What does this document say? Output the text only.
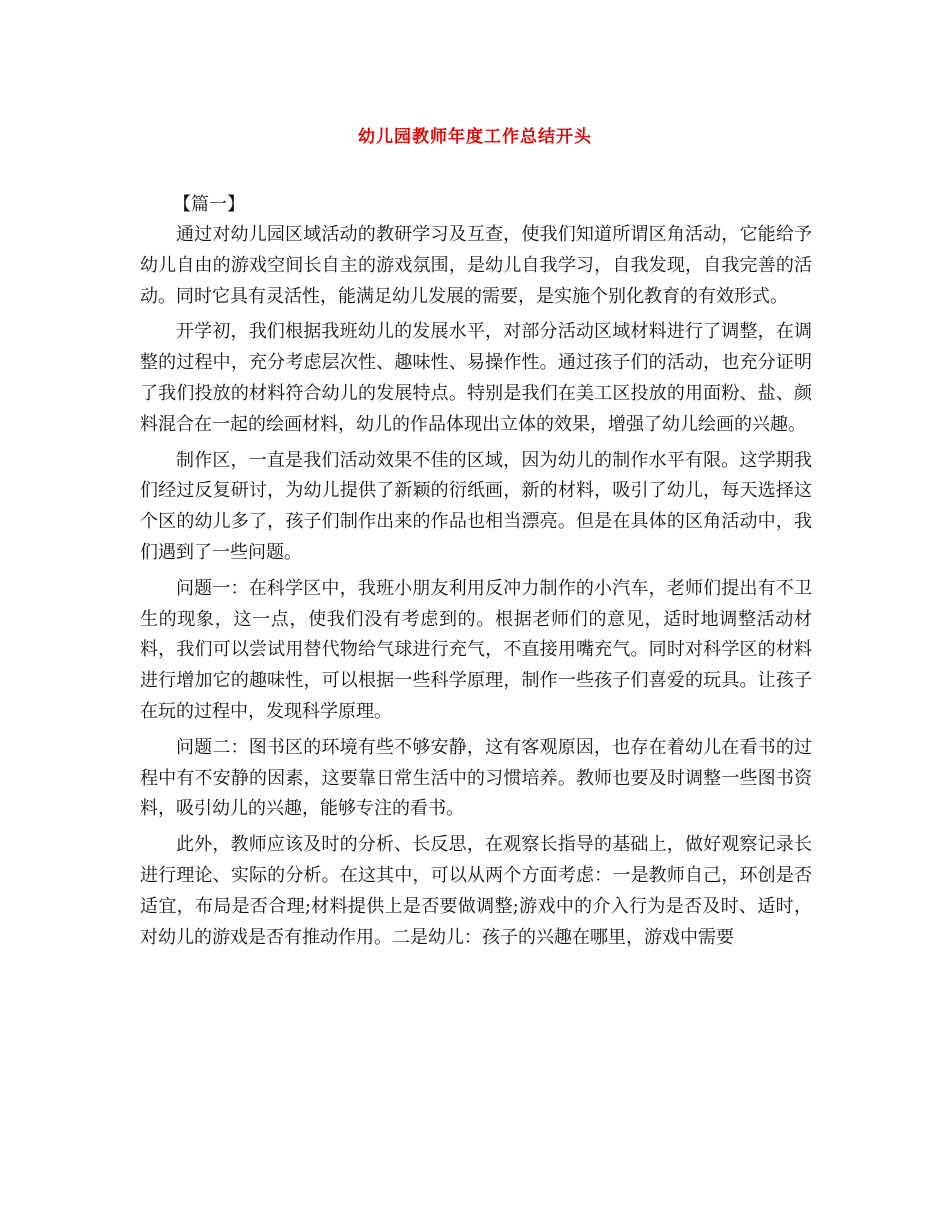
幼儿园教师年度工作总结开头
【篇一】

通过对幼儿园区域活动的教研学习及互查，使我们知道所谓区角活动，它能给予幼儿自由的游戏空间长自主的游戏氛围，是幼儿自我学习，自我发现，自我完善的活动。同时它具有灵活性，能满足幼儿发展的需要，是实施个别化教育的有效形式。

开学初，我们根据我班幼儿的发展水平，对部分活动区域材料进行了调整，在调整的过程中，充分考虑层次性、趣味性、易操作性。通过孩子们的活动，也充分证明了我们投放的材料符合幼儿的发展特点。特别是我们在美工区投放的用面粉、盐、颜料混合在一起的绘画材料，幼儿的作品体现出立体的效果，增强了幼儿绘画的兴趣。

制作区，一直是我们活动效果不佳的区域，因为幼儿的制作水平有限。这学期我们经过反复研讨，为幼儿提供了新颖的衍纸画，新的材料，吸引了幼儿，每天选择这个区的幼儿多了，孩子们制作出来的作品也相当漂亮。但是在具体的区角活动中，我们遇到了一些问题。

问题一：在科学区中，我班小朋友利用反冲力制作的小汽车，老师们提出有不卫生的现象，这一点，使我们没有考虑到的。根据老师们的意见，适时地调整活动材料，我们可以尝试用替代物给气球进行充气，不直接用嘴充气。同时对科学区的材料进行增加它的趣味性，可以根据一些科学原理，制作一些孩子们喜爱的玩具。让孩子在玩的过程中，发现科学原理。

问题二：图书区的环境有些不够安静，这有客观原因，也存在着幼儿在看书的过程中有不安静的因素，这要靠日常生活中的习惯培养。教师也要及时调整一些图书资料，吸引幼儿的兴趣，能够专注的看书。

此外，教师应该及时的分析、长反思，在观察长指导的基础上，做好观察记录长进行理论、实际的分析。在这其中，可以从两个方面考虑：一是教师自己，环创是否适宜，布局是否合理;材料提供上是否要做调整;游戏中的介入行为是否及时、适时，对幼儿的游戏是否有推动作用。二是幼儿：孩子的兴趣在哪里，游戏中需要
